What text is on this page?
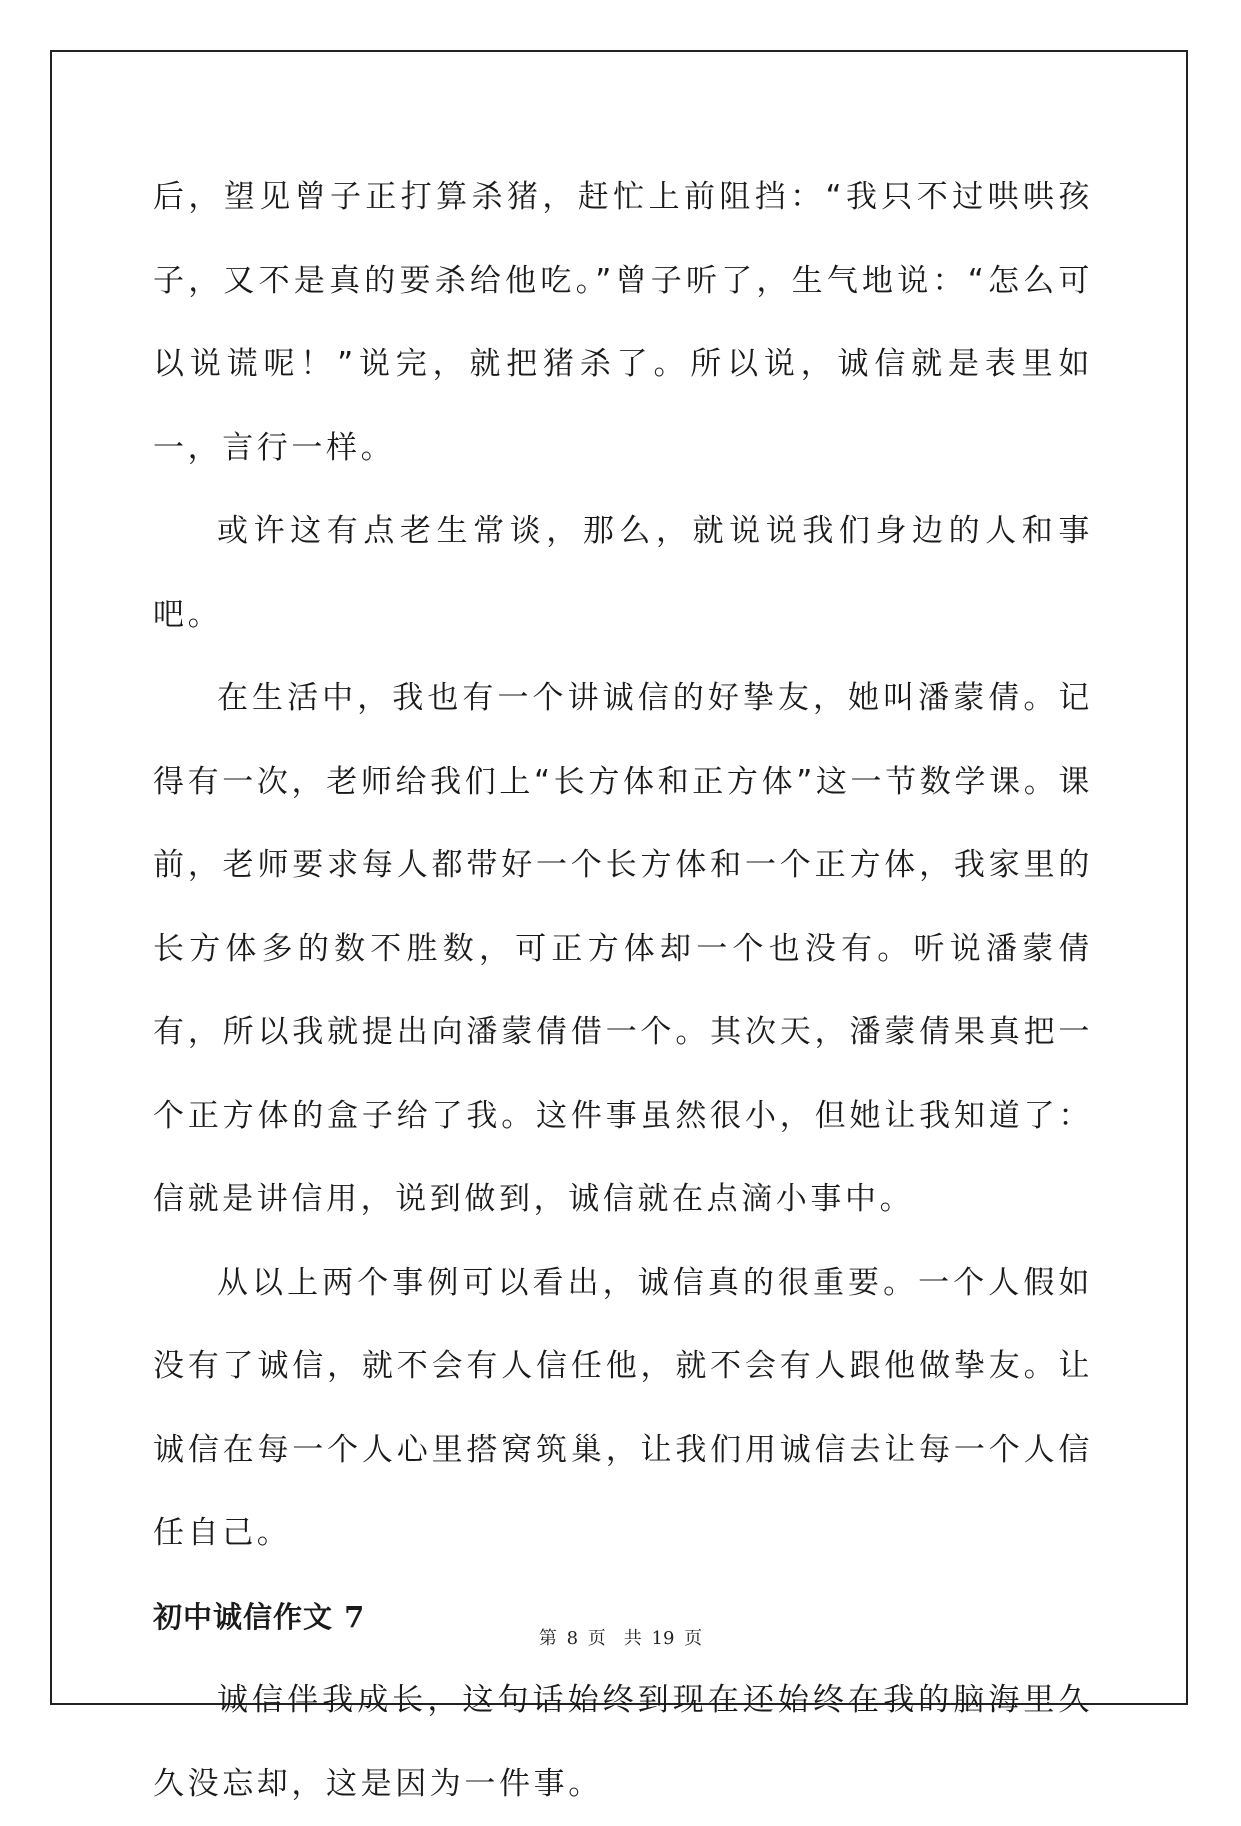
后，望见曾子正打算杀猪，赶忙上前阻挡：“我只不过哄哄孩子，又不是真的要杀给他吃。”曾子听了，生气地说：“怎么可以说谎呢！”说完，就把猪杀了。所以说，诚信就是表里如一，言行一样。

或许这有点老生常谈，那么，就说说我们身边的人和事吧。

在生活中，我也有一个讲诚信的好挚友，她叫潘蒙倩。记得有一次，老师给我们上“长方体和正方体”这一节数学课。课前，老师要求每人都带好一个长方体和一个正方体，我家里的长方体多的数不胜数，可正方体却一个也没有。听说潘蒙倩有，所以我就提出向潘蒙倩借一个。其次天，潘蒙倩果真把一个正方体的盒子给了我。这件事虽然很小，但她让我知道了：信就是讲信用，说到做到，诚信就在点滴小事中。

从以上两个事例可以看出，诚信真的很重要。一个人假如没有了诚信，就不会有人信任他，就不会有人跟他做挚友。让诚信在每一个人心里搭窝筑巢，让我们用诚信去让每一个人信任自己。

初中诚信作文 7

诚信伴我成长，这句话始终到现在还始终在我的脑海里久久没忘却，这是因为一件事。

第 8 页　共 19 页
